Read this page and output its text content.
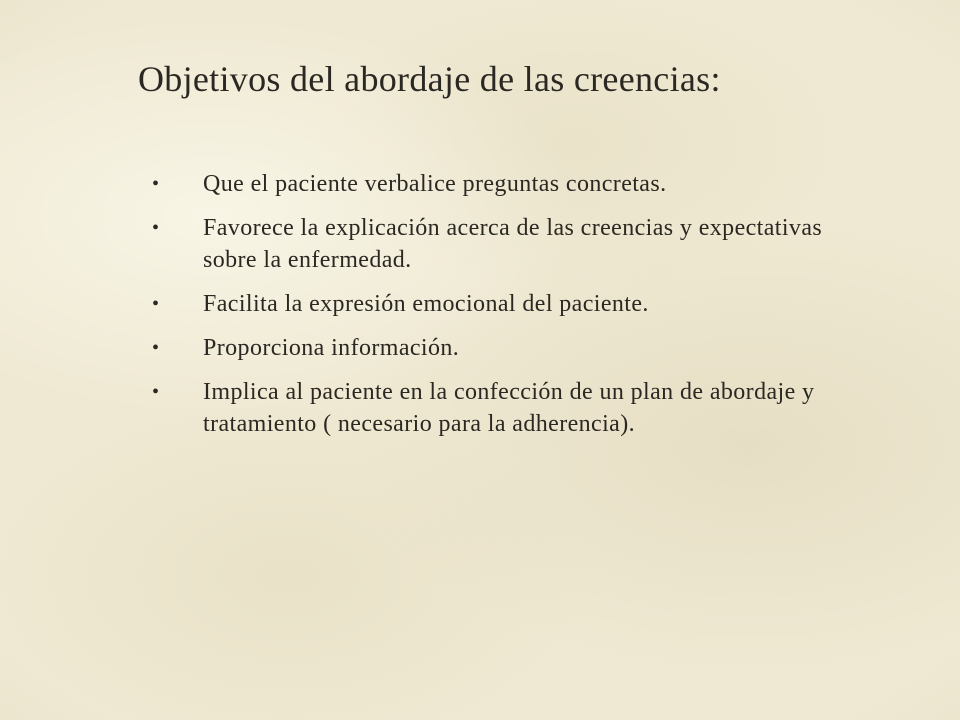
Objetivos del abordaje de las creencias:
• Que el paciente verbalice preguntas concretas.
• Favorece la explicación acerca de las creencias y expectativas sobre la enfermedad.
• Facilita la expresión emocional del paciente.
• Proporciona información.
• Implica al paciente en la confección de un plan de abordaje y tratamiento ( necesario para la adherencia).
